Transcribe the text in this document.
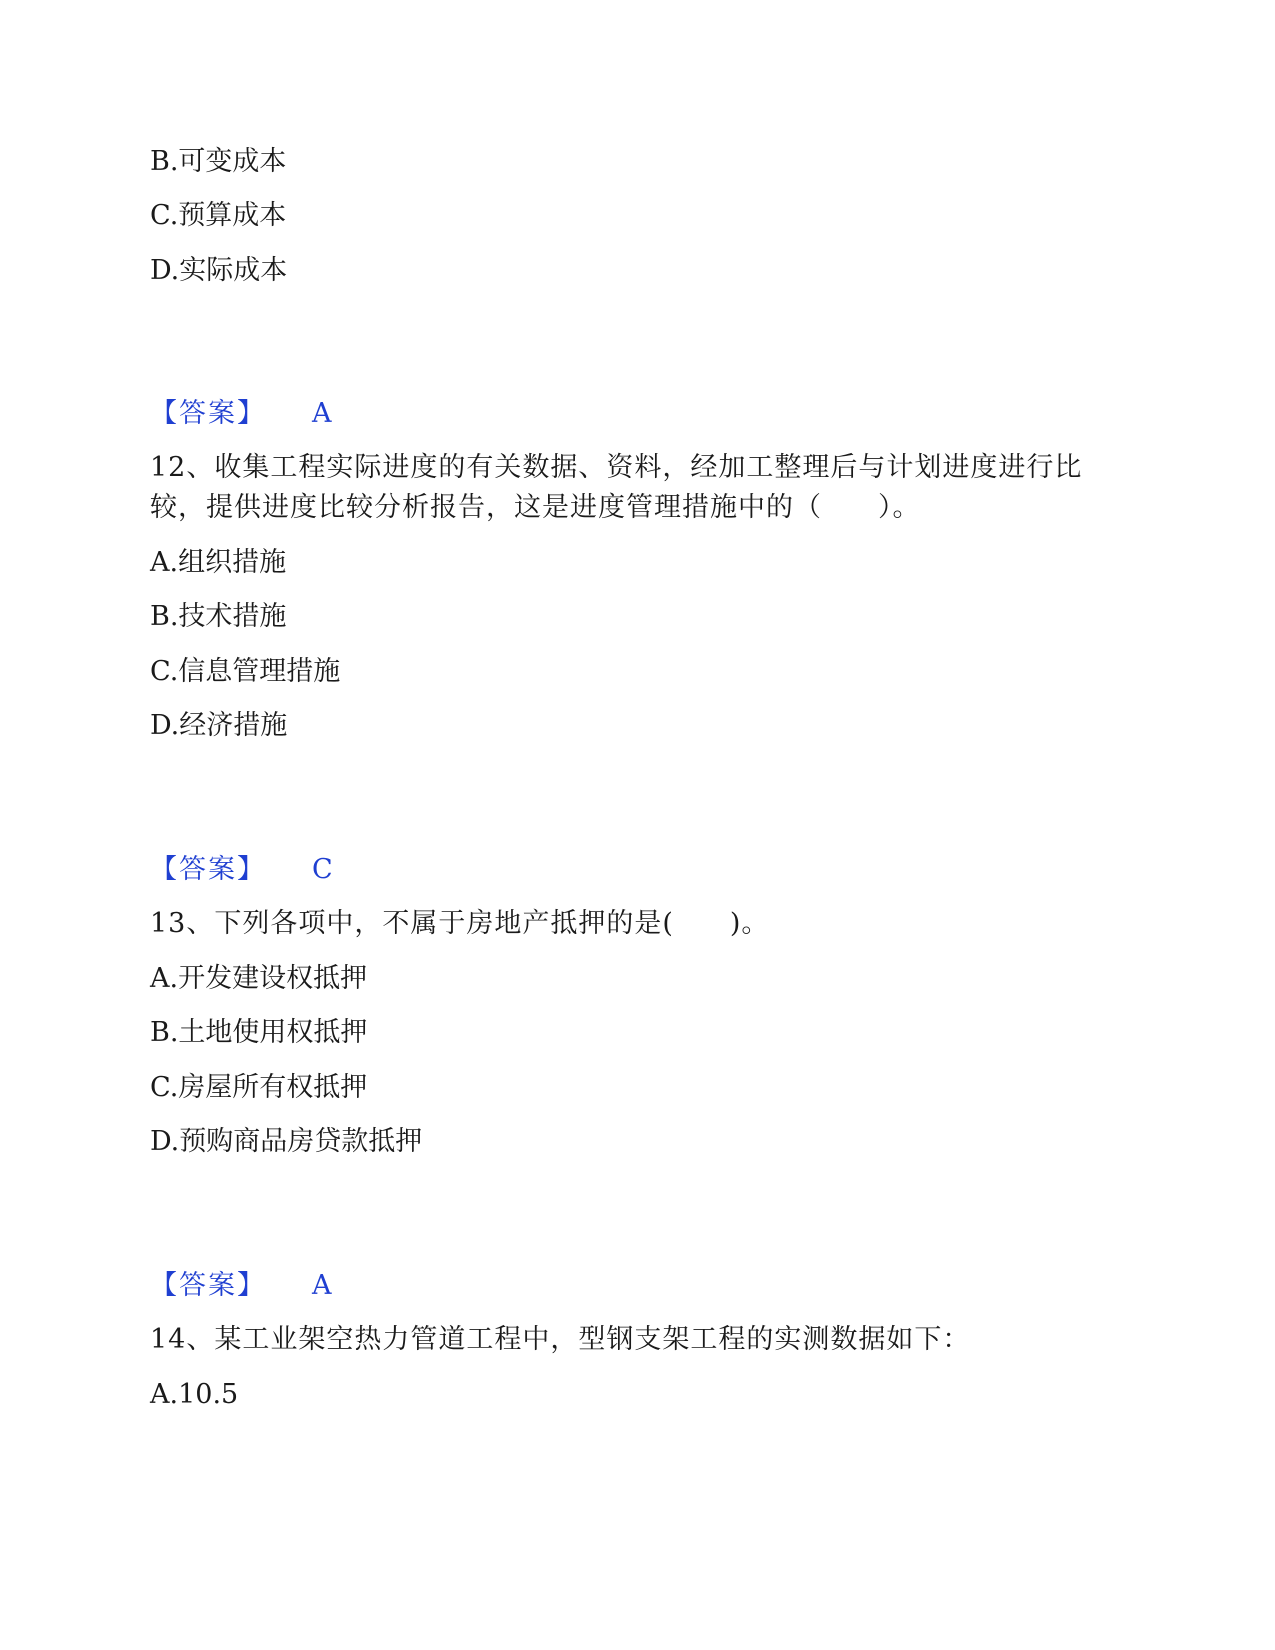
B.可变成本
C.预算成本
D.实际成本
【答案】 A
12、收集工程实际进度的有关数据、资料，经加工整理后与计划进度进行比
较，提供进度比较分析报告，这是进度管理措施中的（　　）。
A.组织措施
B.技术措施
C.信息管理措施
D.经济措施
【答案】 C
13、下列各项中，不属于房地产抵押的是(　　)。
A.开发建设权抵押
B.土地使用权抵押
C.房屋所有权抵押
D.预购商品房贷款抵押
【答案】 A
14、某工业架空热力管道工程中，型钢支架工程的实测数据如下：
A.10.5
